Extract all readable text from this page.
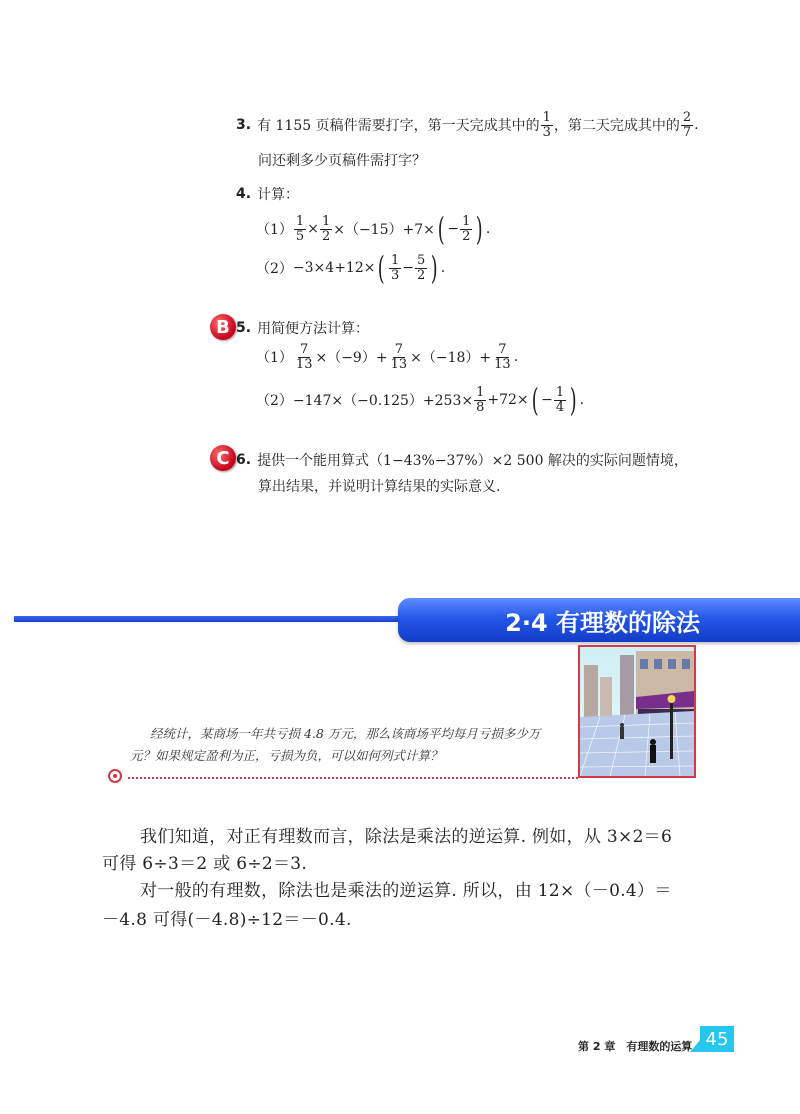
3. 有 1155 页稿件需要打字，第一天完成其中的 $\frac{1}{3}$ ，第二天完成其中的 $\frac{2}{7}$ .
问还剩多少页稿件需打字？
4. 计算：
$(1) \frac{1}{5} \times \frac{1}{2} \times(-15)+7\times$ ( − $\frac{1}{2}$ ) .
（2） −3×4+12× ( $\frac{1}{3} - \frac{5}{2}$ ) .
B 5. 用简便方法计算：
$(1) \frac{7}{13} \times(-9)+ \frac{7}{13} \times(-18)+ \frac{7}{13}$ .
$(2) -147\times(-0.125)+253\times \frac{1}{8} +72\times$ ( − $\frac{1}{4}$ ) .
C 6. 提供一个能用算式（1−43%−37%）×2 500 解决的实际问题情境，
算出结果，并说明计算结果的实际意义.
2·4 有理数的除法
经统计，某商场一年共亏损 4.8 万元，那么该商场平均每月亏损多少万
元？如果规定盈利为正，亏损为负，可以如何列式计算？
我们知道，对正有理数而言，除法是乘法的逆运算. 例如，从 3×2＝6
可得 6÷3＝2 或 6÷2＝3.
对一般的有理数，除法也是乘法的逆运算. 所以，由 12×（－0.4）＝
－4.8 可得(－4.8)÷12＝－0.4.
第 2 章　有理数的运算 45
